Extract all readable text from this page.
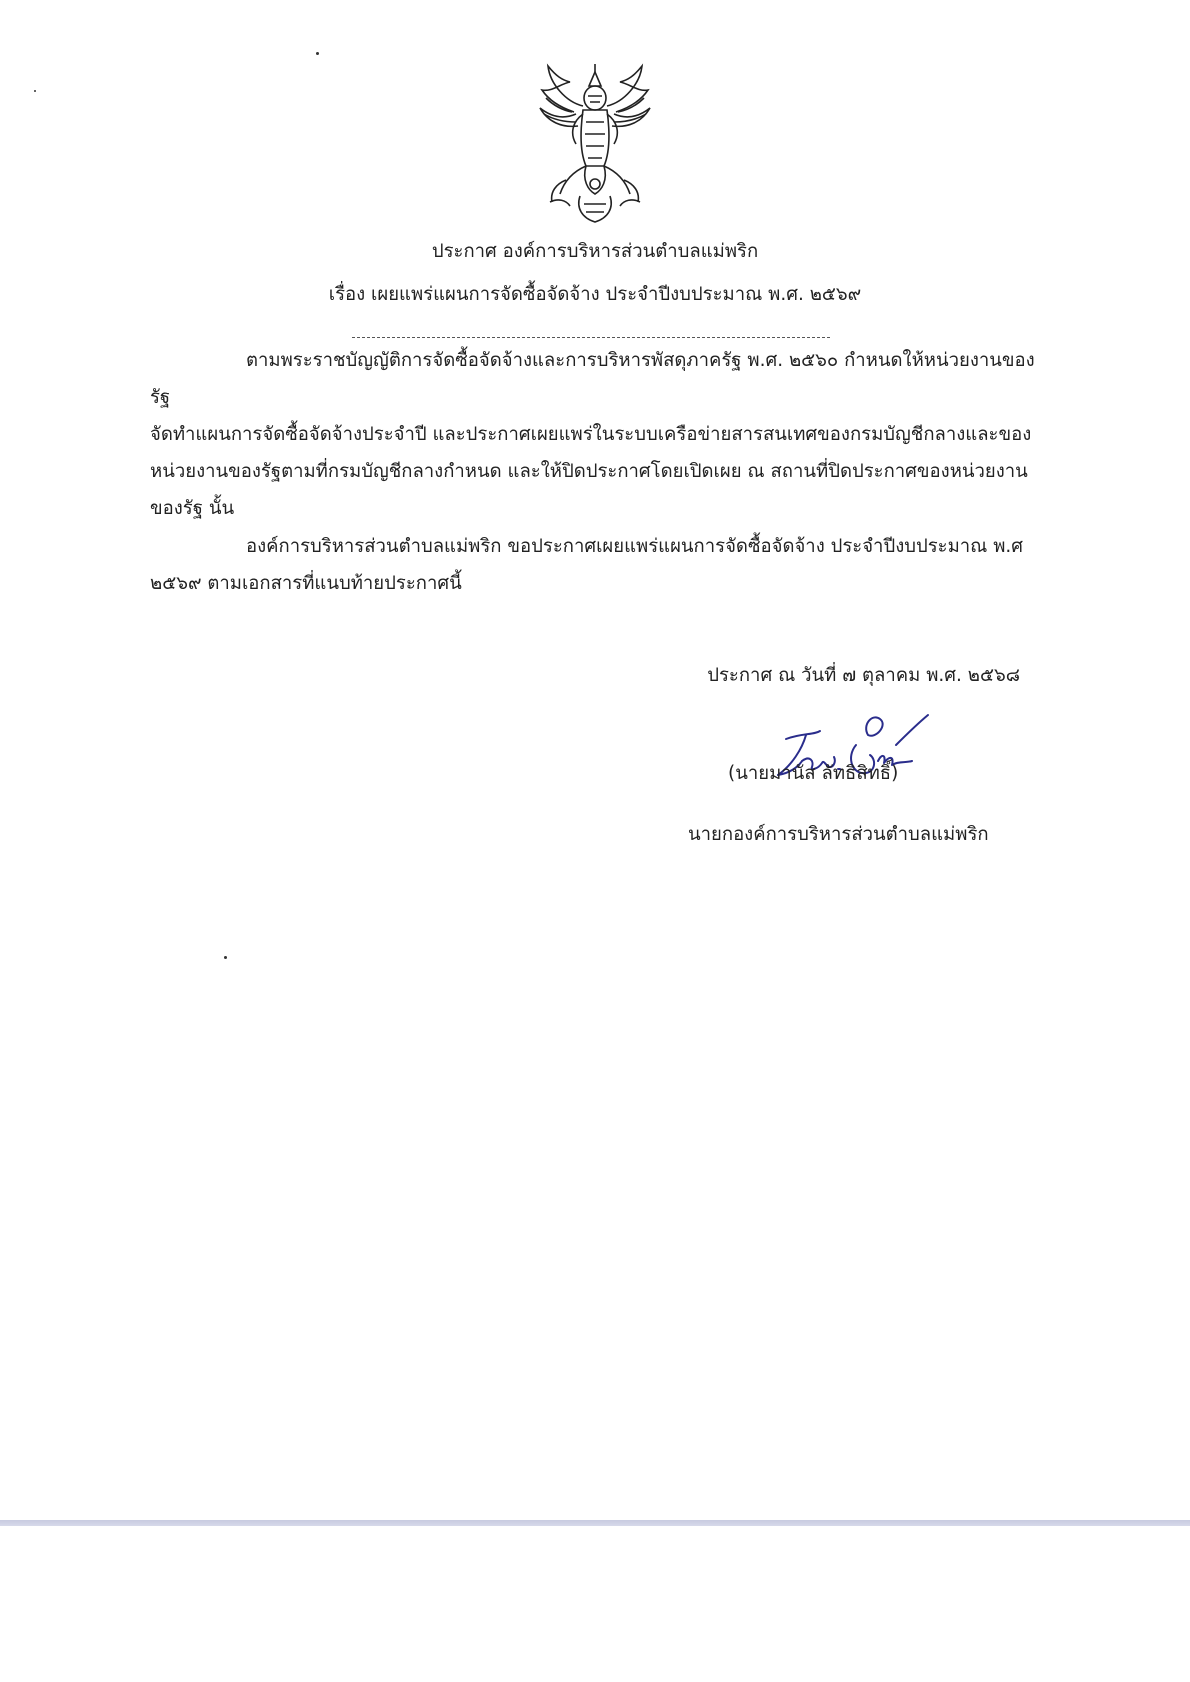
ประกาศ องค์การบริหารส่วนตำบลแม่พริก
เรื่อง เผยแพร่แผนการจัดซื้อจัดจ้าง ประจำปีงบประมาณ พ.ศ. ๒๕๖๙
ตามพระราชบัญญัติการจัดซื้อจัดจ้างและการบริหารพัสดุภาครัฐ พ.ศ. ๒๕๖๐ กำหนดให้หน่วยงานของรัฐ
จัดทำแผนการจัดซื้อจัดจ้างประจำปี และประกาศเผยแพร่ในระบบเครือข่ายสารสนเทศของกรมบัญชีกลางและของ
หน่วยงานของรัฐตามที่กรมบัญชีกลางกำหนด และให้ปิดประกาศโดยเปิดเผย ณ สถานที่ปิดประกาศของหน่วยงาน
ของรัฐ นั้น
องค์การบริหารส่วนตำบลแม่พริก ขอประกาศเผยแพร่แผนการจัดซื้อจัดจ้าง ประจำปีงบประมาณ พ.ศ
๒๕๖๙ ตามเอกสารที่แนบท้ายประกาศนี้
ประกาศ ณ วันที่ ๗ ตุลาคม พ.ศ. ๒๕๖๘
(นายมานัส ลัทธิสิทธิ์)
นายกองค์การบริหารส่วนตำบลแม่พริก
